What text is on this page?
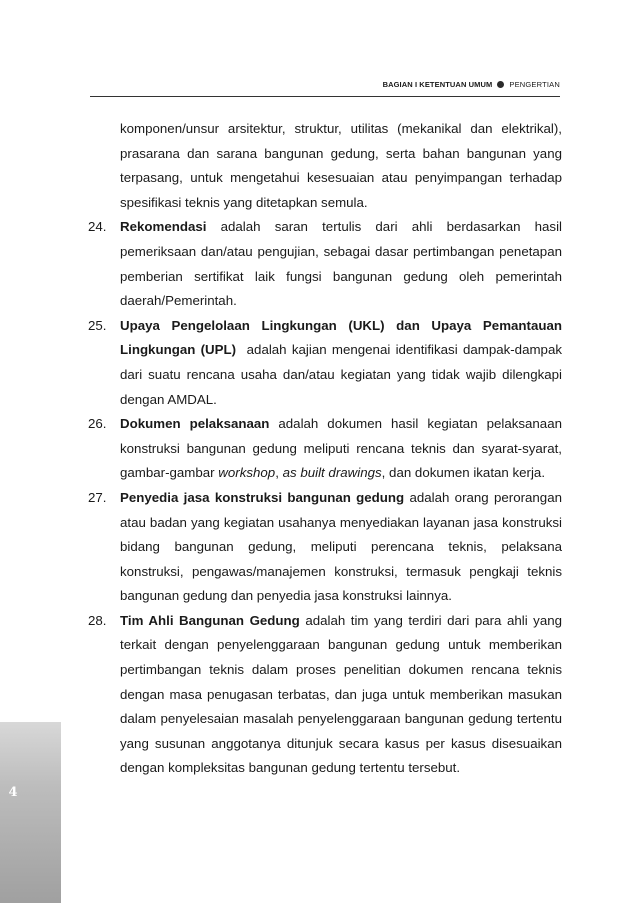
BAGIAN I KETENTUAN UMUM PENGERTIAN
komponen/unsur arsitektur, struktur, utilitas (mekanikal dan elektrikal), prasarana dan sarana bangunan gedung, serta bahan bangunan yang terpasang, untuk mengetahui kesesuaian atau penyimpangan terhadap spesifikasi teknis yang ditetapkan semula.
24.	Rekomendasi adalah saran tertulis dari ahli berdasarkan hasil pemeriksaan dan/atau pengujian, sebagai dasar pertimbangan penetapan pemberian sertifikat laik fungsi bangunan gedung oleh pemerintah daerah/Pemerintah.
25.	Upaya Pengelolaan Lingkungan (UKL) dan Upaya Pemantauan Lingkungan (UPL)  adalah kajian mengenai identifikasi dampak-dampak dari suatu rencana usaha dan/atau kegiatan yang tidak wajib dilengkapi dengan AMDAL.
26.	Dokumen pelaksanaan adalah dokumen hasil kegiatan pelaksanaan konstruksi bangunan gedung meliputi rencana teknis dan syarat-syarat, gambar-gambar workshop, as built drawings, dan dokumen ikatan kerja.
27.	Penyedia jasa konstruksi bangunan gedung adalah orang perorangan atau badan yang kegiatan usahanya menyediakan layanan jasa konstruksi bidang bangunan gedung, meliputi perencana teknis, pelaksana konstruksi, pengawas/manajemen konstruksi, termasuk pengkaji teknis bangunan gedung dan penyedia jasa konstruksi lainnya.
28.	Tim Ahli Bangunan Gedung adalah tim yang terdiri dari para ahli yang terkait dengan penyelenggaraan bangunan gedung untuk memberikan pertimbangan teknis dalam proses penelitian dokumen rencana teknis dengan masa penugasan terbatas, dan juga untuk memberikan masukan dalam penyelesaian masalah penyelenggaraan bangunan gedung tertentu yang susunan anggotanya ditunjuk secara kasus per kasus disesuaikan dengan kompleksitas bangunan gedung tertentu tersebut.
4
